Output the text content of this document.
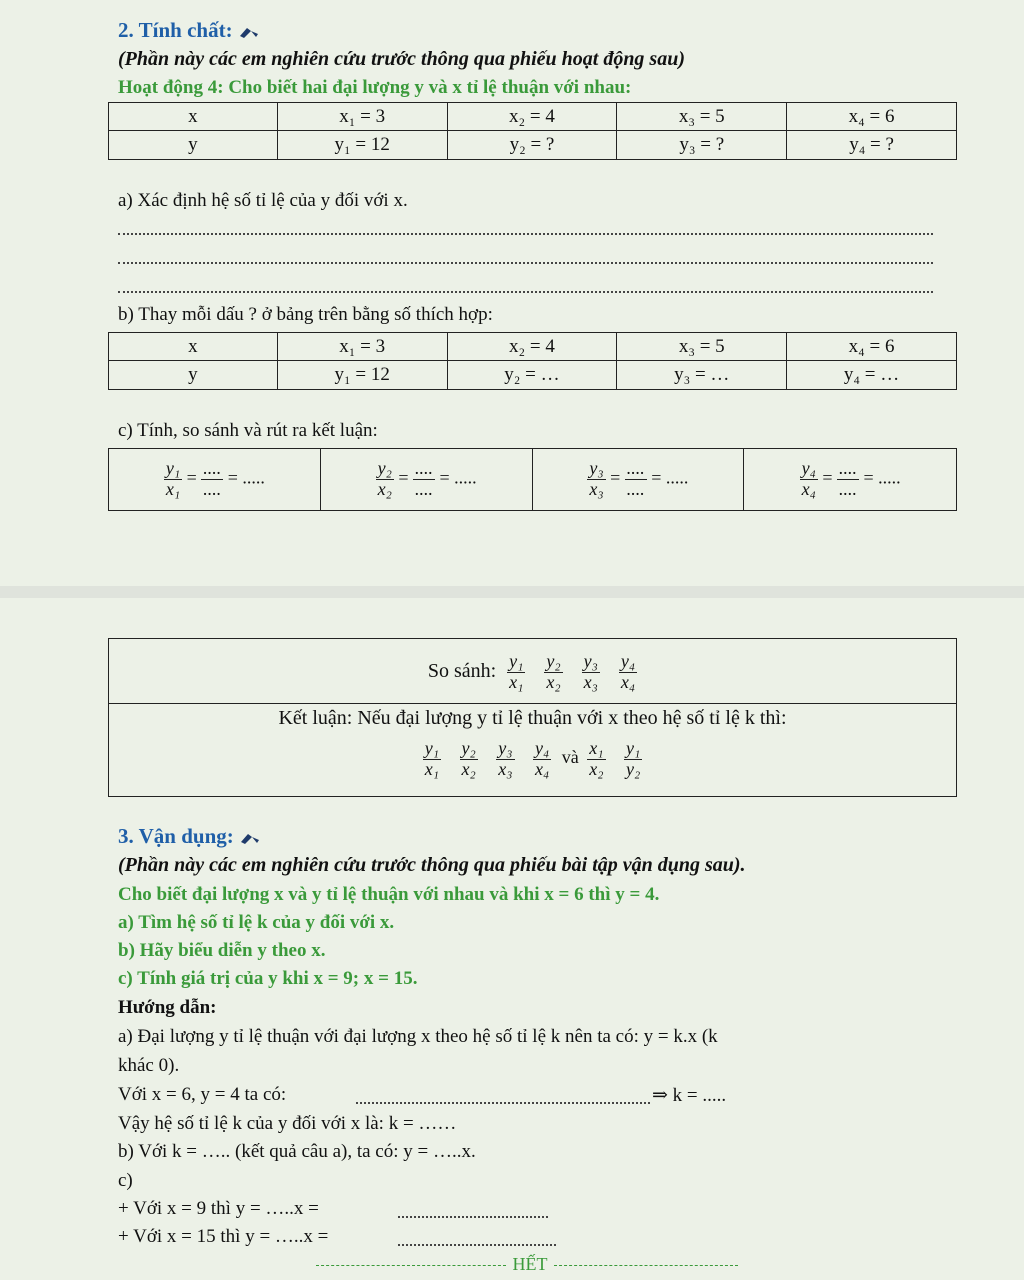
2. Tính chất:
(Phần này các em nghiên cứu trước thông qua phiếu hoạt động sau)
Hoạt động 4: Cho biết hai đại lượng y và x tỉ lệ thuận với nhau:
x	x₁ = 3	x₂ = 4	x₃ = 5	x₄ = 6
y	y₁ = 12	y₂ = ?	y₃ = ?	y₄ = ?
a) Xác định hệ số tỉ lệ của y đối với x.
b) Thay mỗi dấu ? ở bảng trên bằng số thích hợp:
x	x₁ = 3	x₂ = 4	x₃ = 5	x₄ = 6
y	y₁ = 12	y₂ = …	y₃ = …	y₄ = …
c) Tính, so sánh và rút ra kết luận:
$\frac{\text{y₁}}{\text{x₁}} = \frac{....}{....}$ = .....	$\frac{\text{y₂}}{\text{x₂}} = \frac{....}{....}$ = .....	$\frac{\text{y₃}}{\text{x₃}} = \frac{....}{....}$ = .....	$\frac{\text{y₄}}{\text{x₄}} = \frac{....}{....}$ = .....
So sánh: $\frac{\text{y₁}}{\text{x₁}}$
$\frac{\text{y₂}}{\text{x₂}}$
$\frac{\text{y₃}}{\text{x₃}}$
$\frac{\text{y₄}}{\text{x₄}}$
Kết luận: Nếu đại lượng y tỉ lệ thuận với x theo hệ số tỉ lệ k thì:
$\frac{\text{y₁}}{\text{x₁}}$
$\frac{\text{y₂}}{\text{x₂}}$
$\frac{\text{y₃}}{\text{x₃}}$
$\frac{\text{y₄}}{\text{x₄}}$ và $\frac{\text{x₁}}{\text{x₂}}$
$\frac{\text{y₁}}{\text{y₂}}$
3. Vận dụng:
(Phần này các em nghiên cứu trước thông qua phiếu bài tập vận dụng sau).
Cho biết đại lượng x và y tỉ lệ thuận với nhau và khi x = 6 thì y = 4.
a) Tìm hệ số tỉ lệ k của y đối với x.
b) Hãy biểu diễn y theo x.
c) Tính giá trị của y khi x = 9; x = 15.
Hướng dẫn:
a) Đại lượng y tỉ lệ thuận với đại lượng x theo hệ số tỉ lệ k nên ta có: y = k.x (k
khác 0).
Với x = 6, y = 4 ta có:	⇒ k = .....
Vậy hệ số tỉ lệ k của y đối với x là: k = ……
b) Với k = ….. (kết quả câu a), ta có: y = …..x.
c)
+ Với x = 9 thì y = …..x =
+ Với x = 15 thì y = …..x =
HẾT
